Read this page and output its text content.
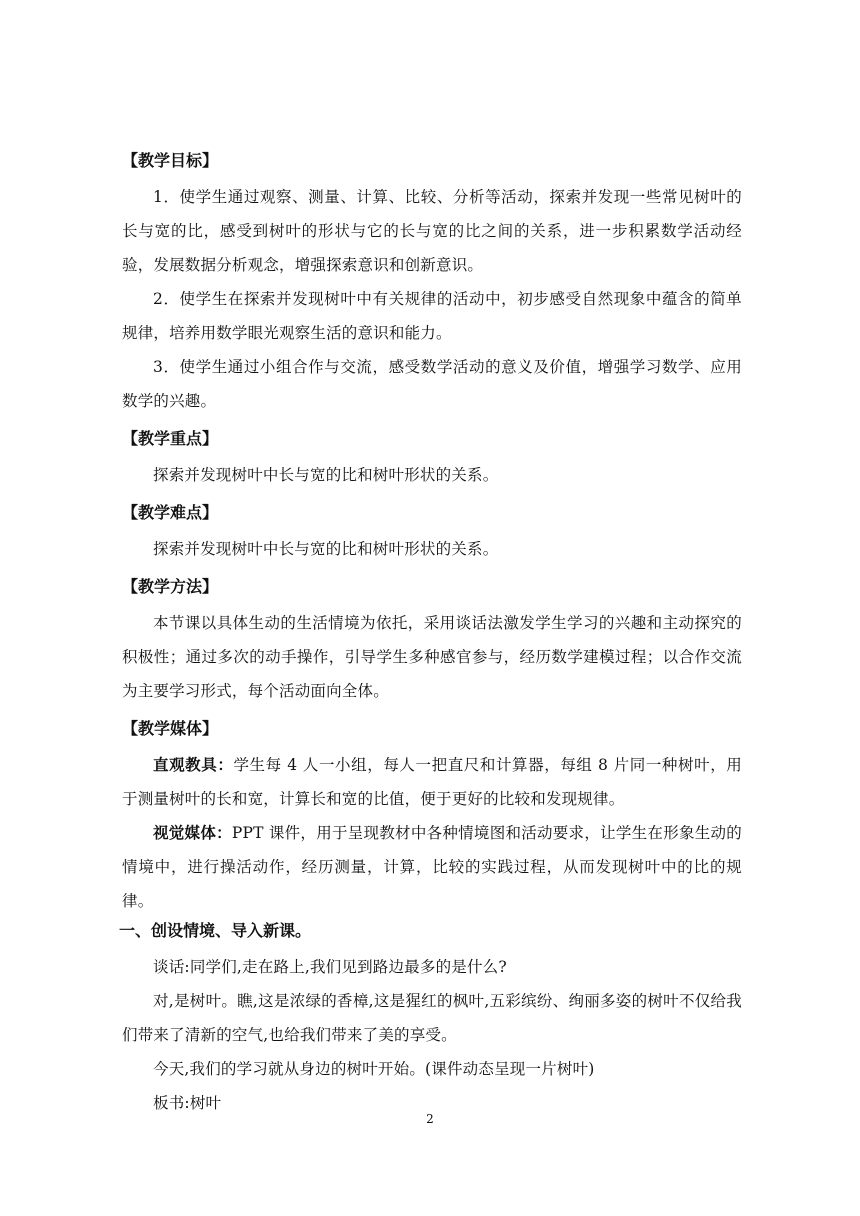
【教学目标】

1．使学生通过观察、测量、计算、比较、分析等活动，探索并发现一些常见树叶的长与宽的比，感受到树叶的形状与它的长与宽的比之间的关系，进一步积累数学活动经验，发展数据分析观念，增强探索意识和创新意识。

2．使学生在探索并发现树叶中有关规律的活动中，初步感受自然现象中蕴含的简单规律，培养用数学眼光观察生活的意识和能力。

3．使学生通过小组合作与交流，感受数学活动的意义及价值，增强学习数学、应用数学的兴趣。

【教学重点】

探索并发现树叶中长与宽的比和树叶形状的关系。

【教学难点】

探索并发现树叶中长与宽的比和树叶形状的关系。

【教学方法】

本节课以具体生动的生活情境为依托，采用谈话法激发学生学习的兴趣和主动探究的积极性；通过多次的动手操作，引导学生多种感官参与，经历数学建模过程；以合作交流为主要学习形式，每个活动面向全体。

【教学媒体】

直观教具：学生每 4 人一小组，每人一把直尺和计算器，每组 8 片同一种树叶，用于测量树叶的长和宽，计算长和宽的比值，便于更好的比较和发现规律。

视觉媒体：PPT 课件，用于呈现教材中各种情境图和活动要求，让学生在形象生动的情境中，进行操活动作，经历测量，计算，比较的实践过程，从而发现树叶中的比的规律。

一、创设情境、导入新课。

谈话:同学们,走在路上,我们见到路边最多的是什么?

对,是树叶。瞧,这是浓绿的香樟,这是猩红的枫叶,五彩缤纷、绚丽多姿的树叶不仅给我们带来了清新的空气,也给我们带来了美的享受。

今天,我们的学习就从身边的树叶开始。(课件动态呈现一片树叶)

板书:树叶

2
